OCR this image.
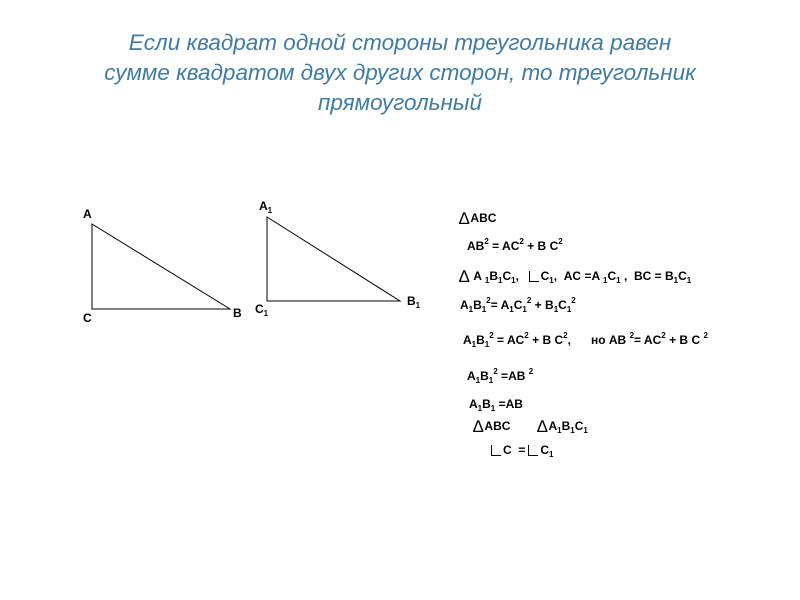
Если квадрат одной стороны треугольника равен
сумме квадратом двух других сторон, то треугольник
прямоугольный
A
C	B
$A_1$
$C_1$
$B_1$
∆ABC
$AB^2 = AC^2 + B$ $C^2$
∆ A $_1B_1C_1$, $C_1$, AC =A $_1C_1$ , BC = $B_1C_1$
$A_1B_1^2= A_1C_1^2 + B_1C_1^2$
$A_1B_1^2 = AC^2 + B$ $C^2$, но AB $^2= AC^2 + B$ C $^2$
$A_1B_1^2 =AB$ $^2$
$A_1B_1 =AB$
∆ABC $\Delta A_1B_1C_1$
$C = C_1$
